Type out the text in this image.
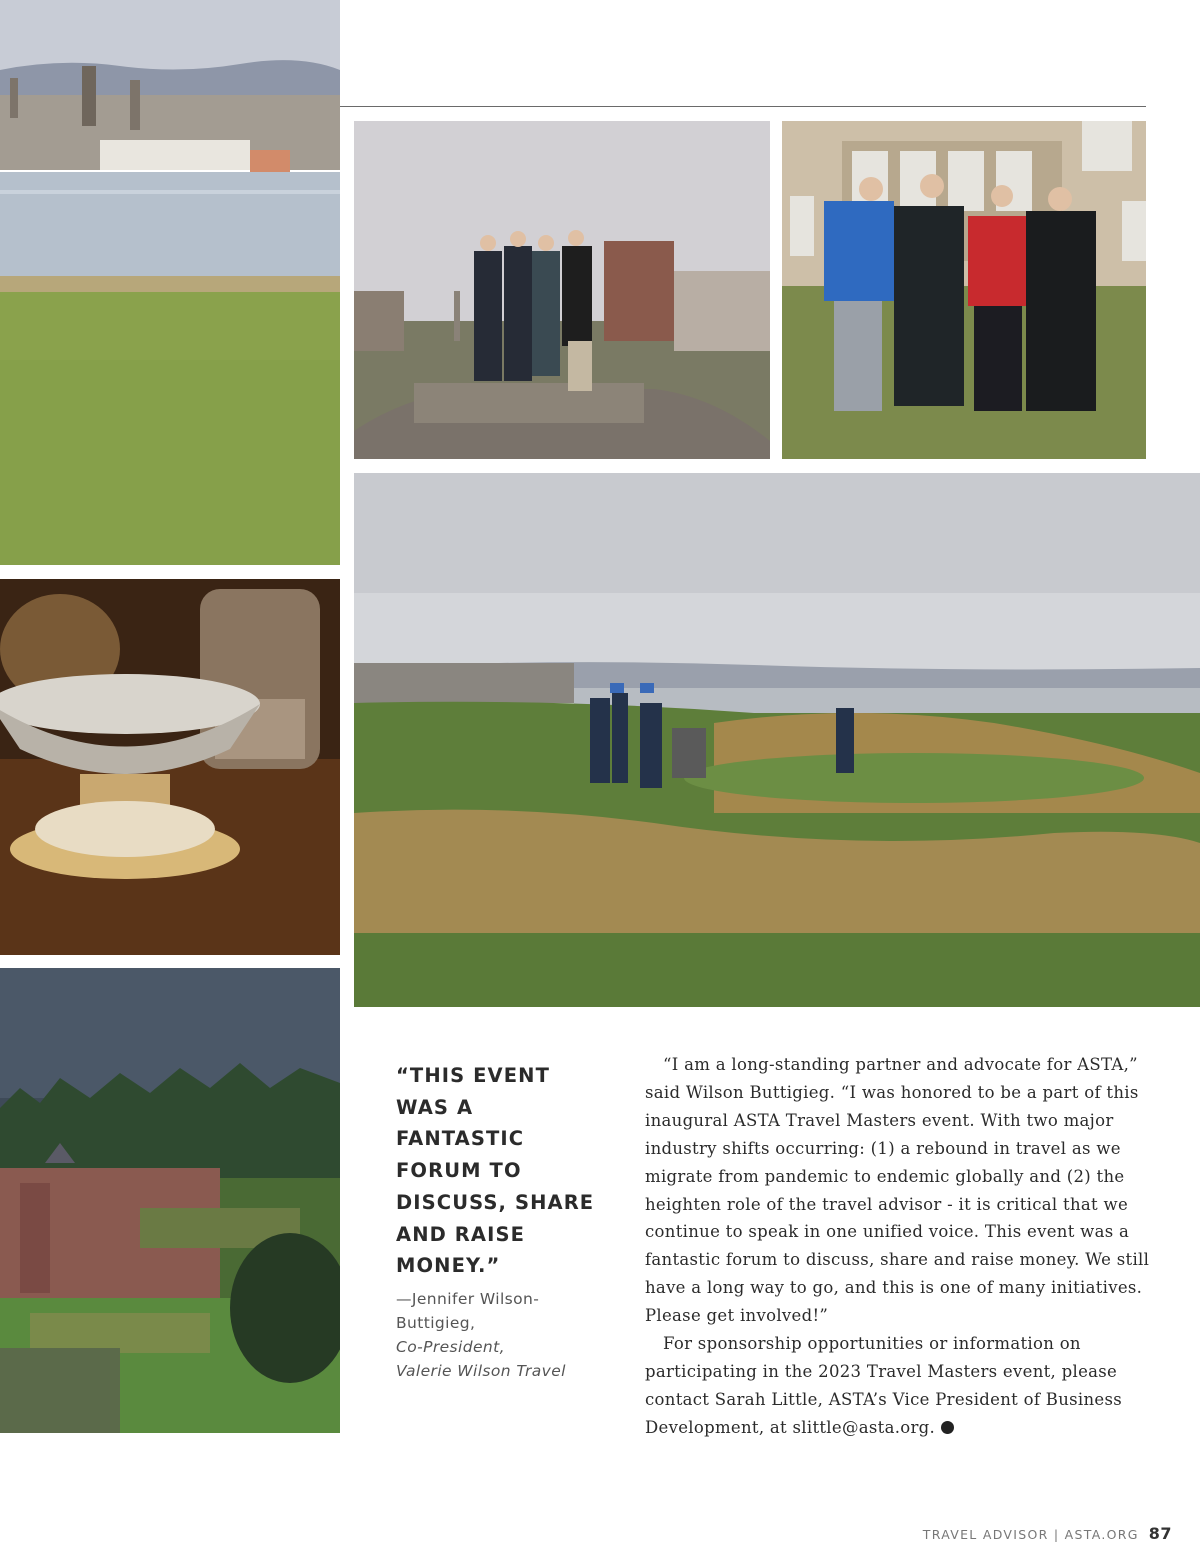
“THIS EVENT WAS A FANTASTIC FORUM TO DISCUSS, SHARE AND RAISE MONEY.”

—Jennifer Wilson-Buttigieg,
Co-President,
Valerie Wilson Travel

“I am a long-standing partner and advocate for ASTA,” said Wilson Buttigieg. “I was honored to be a part of this inaugural ASTA Travel Masters event. With two major industry shifts occurring: (1) a rebound in travel as we migrate from pandemic to endemic globally and (2) the heighten role of the travel advisor - it is critical that we continue to speak in one unified voice. This event was a fantastic forum to discuss, share and raise money. We still have a long way to go, and this is one of many initiatives. Please get involved!”

For sponsorship opportunities or information on participating in the 2023 Travel Masters event, please contact Sarah Little, ASTA’s Vice President of Business Development, at slittle@asta.org.

TRAVEL ADVISOR | ASTA.ORG 87
